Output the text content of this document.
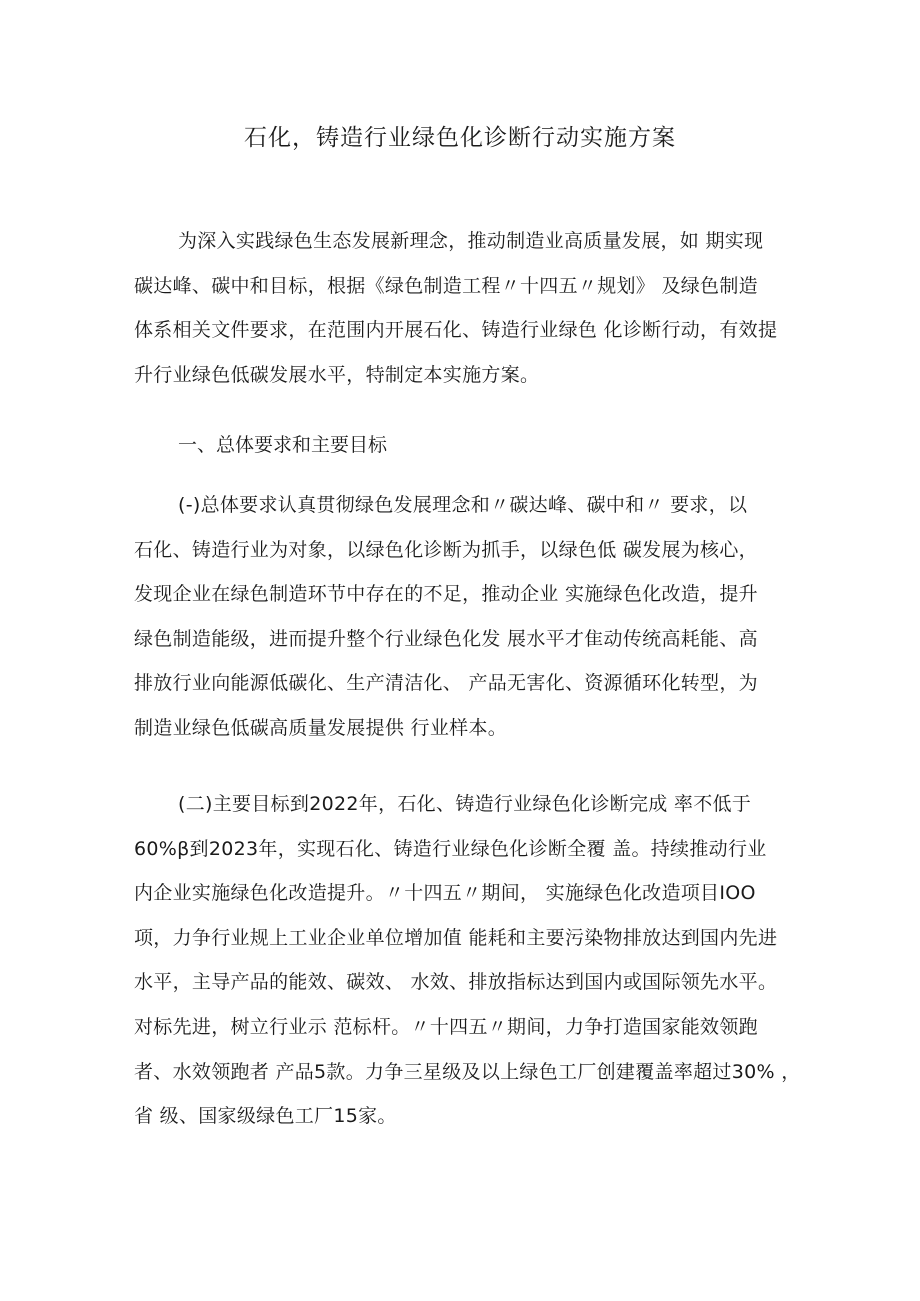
石化，铸造行业绿色化诊断行动实施方案

为深入实践绿色生态发展新理念，推动制造业高质量发展，如 期实现
碳达峰、碳中和目标，根据《绿色制造工程〃十四五〃规划》 及绿色制造
体系相关文件要求，在范围内开展石化、铸造行业绿色 化诊断行动，有效提
升行业绿色低碳发展水平，特制定本实施方案。

一、总体要求和主要目标

(-)总体要求认真贯彻绿色发展理念和〃碳达峰、碳中和〃 要求，以
石化、铸造行业为对象，以绿色化诊断为抓手，以绿色低 碳发展为核心，
发现企业在绿色制造环节中存在的不足，推动企业 实施绿色化改造，提升
绿色制造能级，进而提升整个行业绿色化发 展水平才隹动传统高耗能、高
排放行业向能源低碳化、生产清洁化、 产品无害化、资源循环化转型，为
制造业绿色低碳高质量发展提供 行业样本。

(二)主要目标到2022年，石化、铸造行业绿色化诊断完成 率不低于
60%β到2023年，实现石化、铸造行业绿色化诊断全覆 盖。持续推动行业
内企业实施绿色化改造提升。〃十四五〃期间， 实施绿色化改造项目IOO
项，力争行业规上工业企业单位增加值 能耗和主要污染物排放达到国内先进
水平，主导产品的能效、碳效、 水效、排放指标达到国内或国际领先水平。
对标先进，树立行业示 范标杆。〃十四五〃期间，力争打造国家能效领跑
者、水效领跑者 产品5款。力争三星级及以上绿色工厂创建覆盖率超过30% ，
省 级、国家级绿色工厂15家。
